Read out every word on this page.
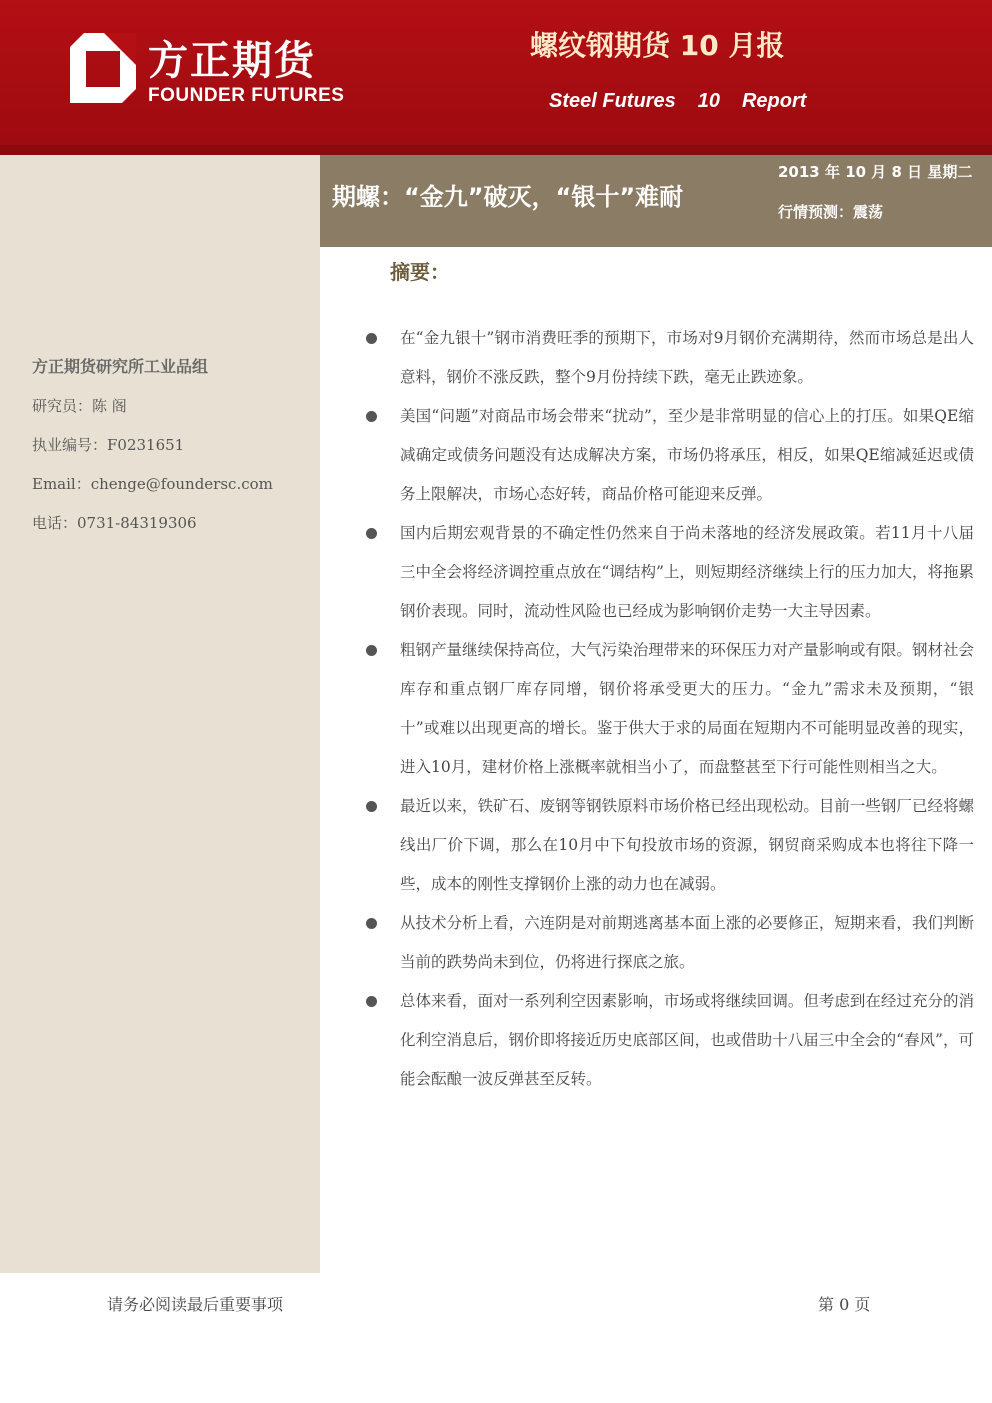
方正期货
FOUNDER FUTURES
螺纹钢期货 10 月报
Steel Futures 10 Report
方正期货研究所工业品组
研究员：陈 阁
执业编号：F0231651
Email：chenge@foundersc.com
电话：0731-84319306
期螺：“金九”破灭，“银十”难耐
2013 年 10 月 8 日 星期二
行情预测：震荡
摘要：
在“金九银十”钢市消费旺季的预期下，市场对9月钢价充满期待，然而市场总是出人意料，钢价不涨反跌，整个9月份持续下跌，毫无止跌迹象。
美国“问题”对商品市场会带来“扰动”，至少是非常明显的信心上的打压。如果QE缩减确定或债务问题没有达成解决方案，市场仍将承压，相反，如果QE缩减延迟或债务上限解决，市场心态好转，商品价格可能迎来反弹。
国内后期宏观背景的不确定性仍然来自于尚未落地的经济发展政策。若11月十八届三中全会将经济调控重点放在“调结构”上，则短期经济继续上行的压力加大，将拖累钢价表现。同时，流动性风险也已经成为影响钢价走势一大主导因素。
粗钢产量继续保持高位，大气污染治理带来的环保压力对产量影响或有限。钢材社会库存和重点钢厂库存同增，钢价将承受更大的压力。“金九”需求未及预期，“银十”或难以出现更高的增长。鉴于供大于求的局面在短期内不可能明显改善的现实，进入10月，建材价格上涨概率就相当小了，而盘整甚至下行可能性则相当之大。
最近以来，铁矿石、废钢等钢铁原料市场价格已经出现松动。目前一些钢厂已经将螺线出厂价下调，那么在10月中下旬投放市场的资源，钢贸商采购成本也将往下降一些，成本的刚性支撑钢价上涨的动力也在减弱。
从技术分析上看，六连阴是对前期逃离基本面上涨的必要修正，短期来看，我们判断当前的跌势尚未到位，仍将进行探底之旅。
总体来看，面对一系列利空因素影响，市场或将继续回调。但考虑到在经过充分的消化利空消息后，钢价即将接近历史底部区间，也或借助十八届三中全会的“春风”，可能会酝酿一波反弹甚至反转。
请务必阅读最后重要事项	第 0 页
